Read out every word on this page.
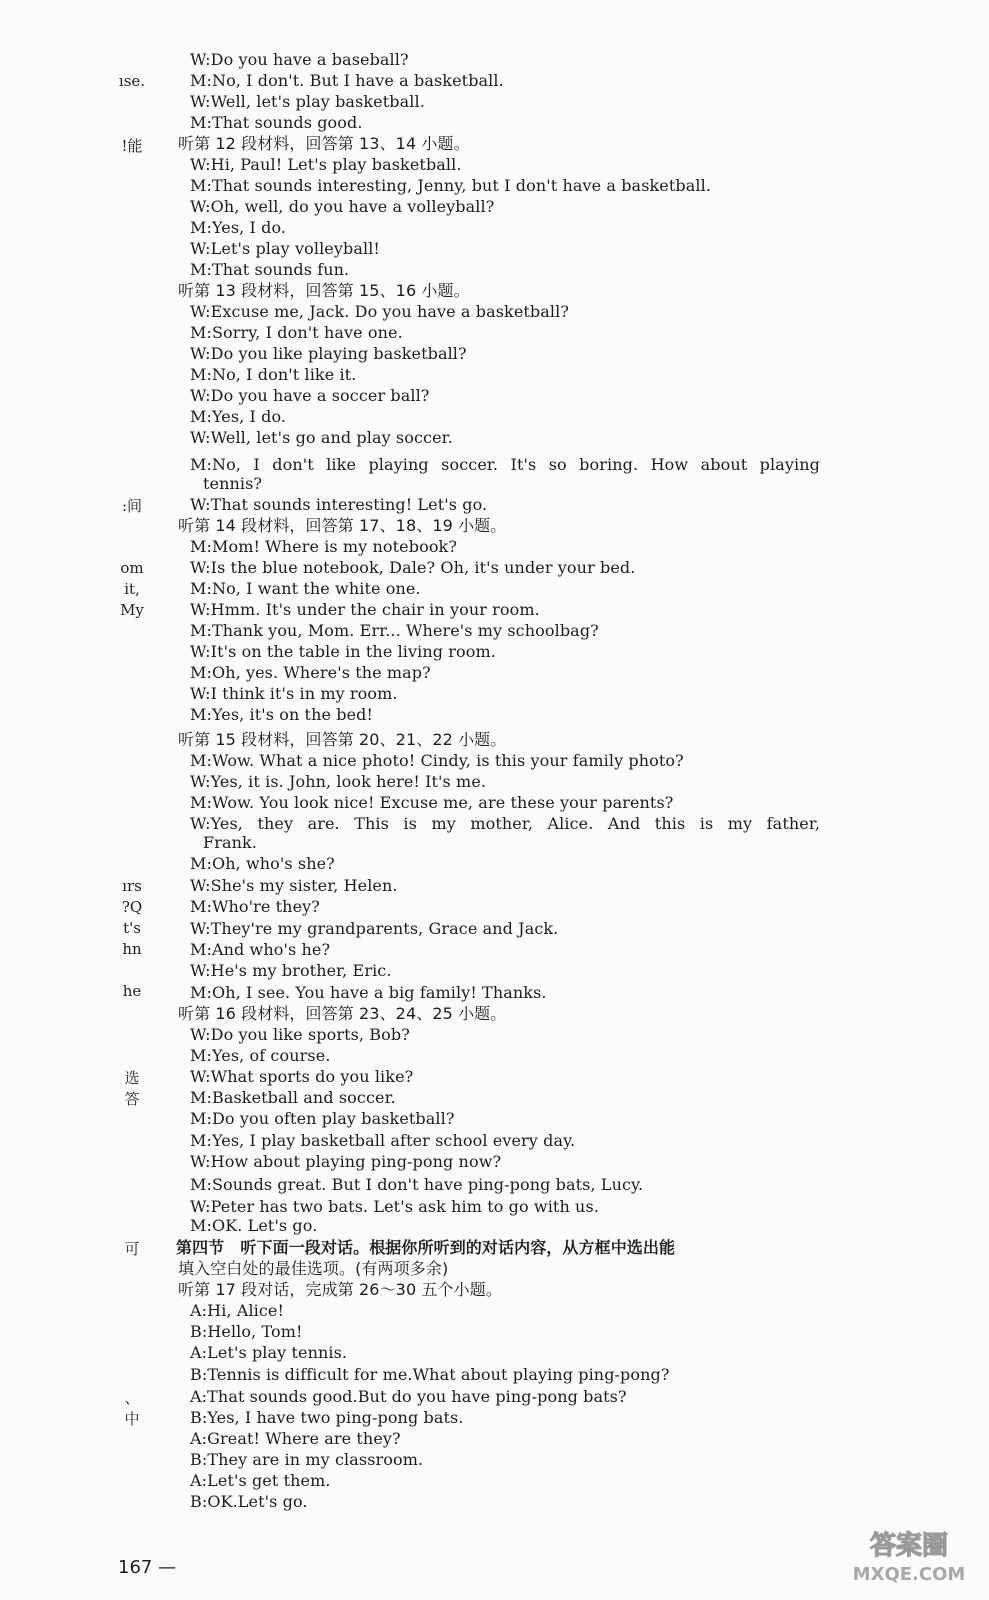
ıse.
!能
:间
om
it,
My
ırs
?Q
t's
hn
he
选
答
可
、
中
W:Do you have a baseball?
M:No, I don't. But I have a basketball.
W:Well, let's play basketball.
M:That sounds good.
听第 12 段材料，回答第 13、14 小题。
W:Hi, Paul! Let's play basketball.
M:That sounds interesting, Jenny, but I don't have a basketball.
W:Oh, well, do you have a volleyball?
M:Yes, I do.
W:Let's play volleyball!
M:That sounds fun.
听第 13 段材料，回答第 15、16 小题。
W:Excuse me, Jack. Do you have a basketball?
M:Sorry, I don't have one.
W:Do you like playing basketball?
M:No, I don't like it.
W:Do you have a soccer ball?
M:Yes, I do.
W:Well, let's go and play soccer.
M:No, I don't like playing soccer. It's so boring. How about playing
tennis?
W:That sounds interesting! Let's go.
听第 14 段材料，回答第 17、18、19 小题。
M:Mom! Where is my notebook?
W:Is the blue notebook, Dale? Oh, it's under your bed.
M:No, I want the white one.
W:Hmm. It's under the chair in your room.
M:Thank you, Mom. Err... Where's my schoolbag?
W:It's on the table in the living room.
M:Oh, yes. Where's the map?
W:I think it's in my room.
M:Yes, it's on the bed!
听第 15 段材料，回答第 20、21、22 小题。
M:Wow. What a nice photo! Cindy, is this your family photo?
W:Yes, it is. John, look here! It's me.
M:Wow. You look nice! Excuse me, are these your parents?
W:Yes, they are. This is my mother, Alice. And this is my father,
Frank.
M:Oh, who's she?
W:She's my sister, Helen.
M:Who're they?
W:They're my grandparents, Grace and Jack.
M:And who's he?
W:He's my brother, Eric.
M:Oh, I see. You have a big family! Thanks.
听第 16 段材料，回答第 23、24、25 小题。
W:Do you like sports, Bob?
M:Yes, of course.
W:What sports do you like?
M:Basketball and soccer.
M:Do you often play basketball?
M:Yes, I play basketball after school every day.
W:How about playing ping-pong now?
M:Sounds great. But I don't have ping-pong bats, Lucy.
W:Peter has two bats. Let's ask him to go with us.
M:OK. Let's go.
第四节　听下面一段对话。根据你所听到的对话内容，从方框中选出能
填入空白处的最佳选项。(有两项多余)
听第 17 段对话，完成第 26～30 五个小题。
A:Hi, Alice!
B:Hello, Tom!
A:Let's play tennis.
B:Tennis is difficult for me.What about playing ping-pong?
A:That sounds good.But do you have ping-pong bats?
B:Yes, I have two ping-pong bats.
A:Great! Where are they?
B:They are in my classroom.
A:Let's get them.
B:OK.Let's go.
167 —
答案圈
MXQE.COM
